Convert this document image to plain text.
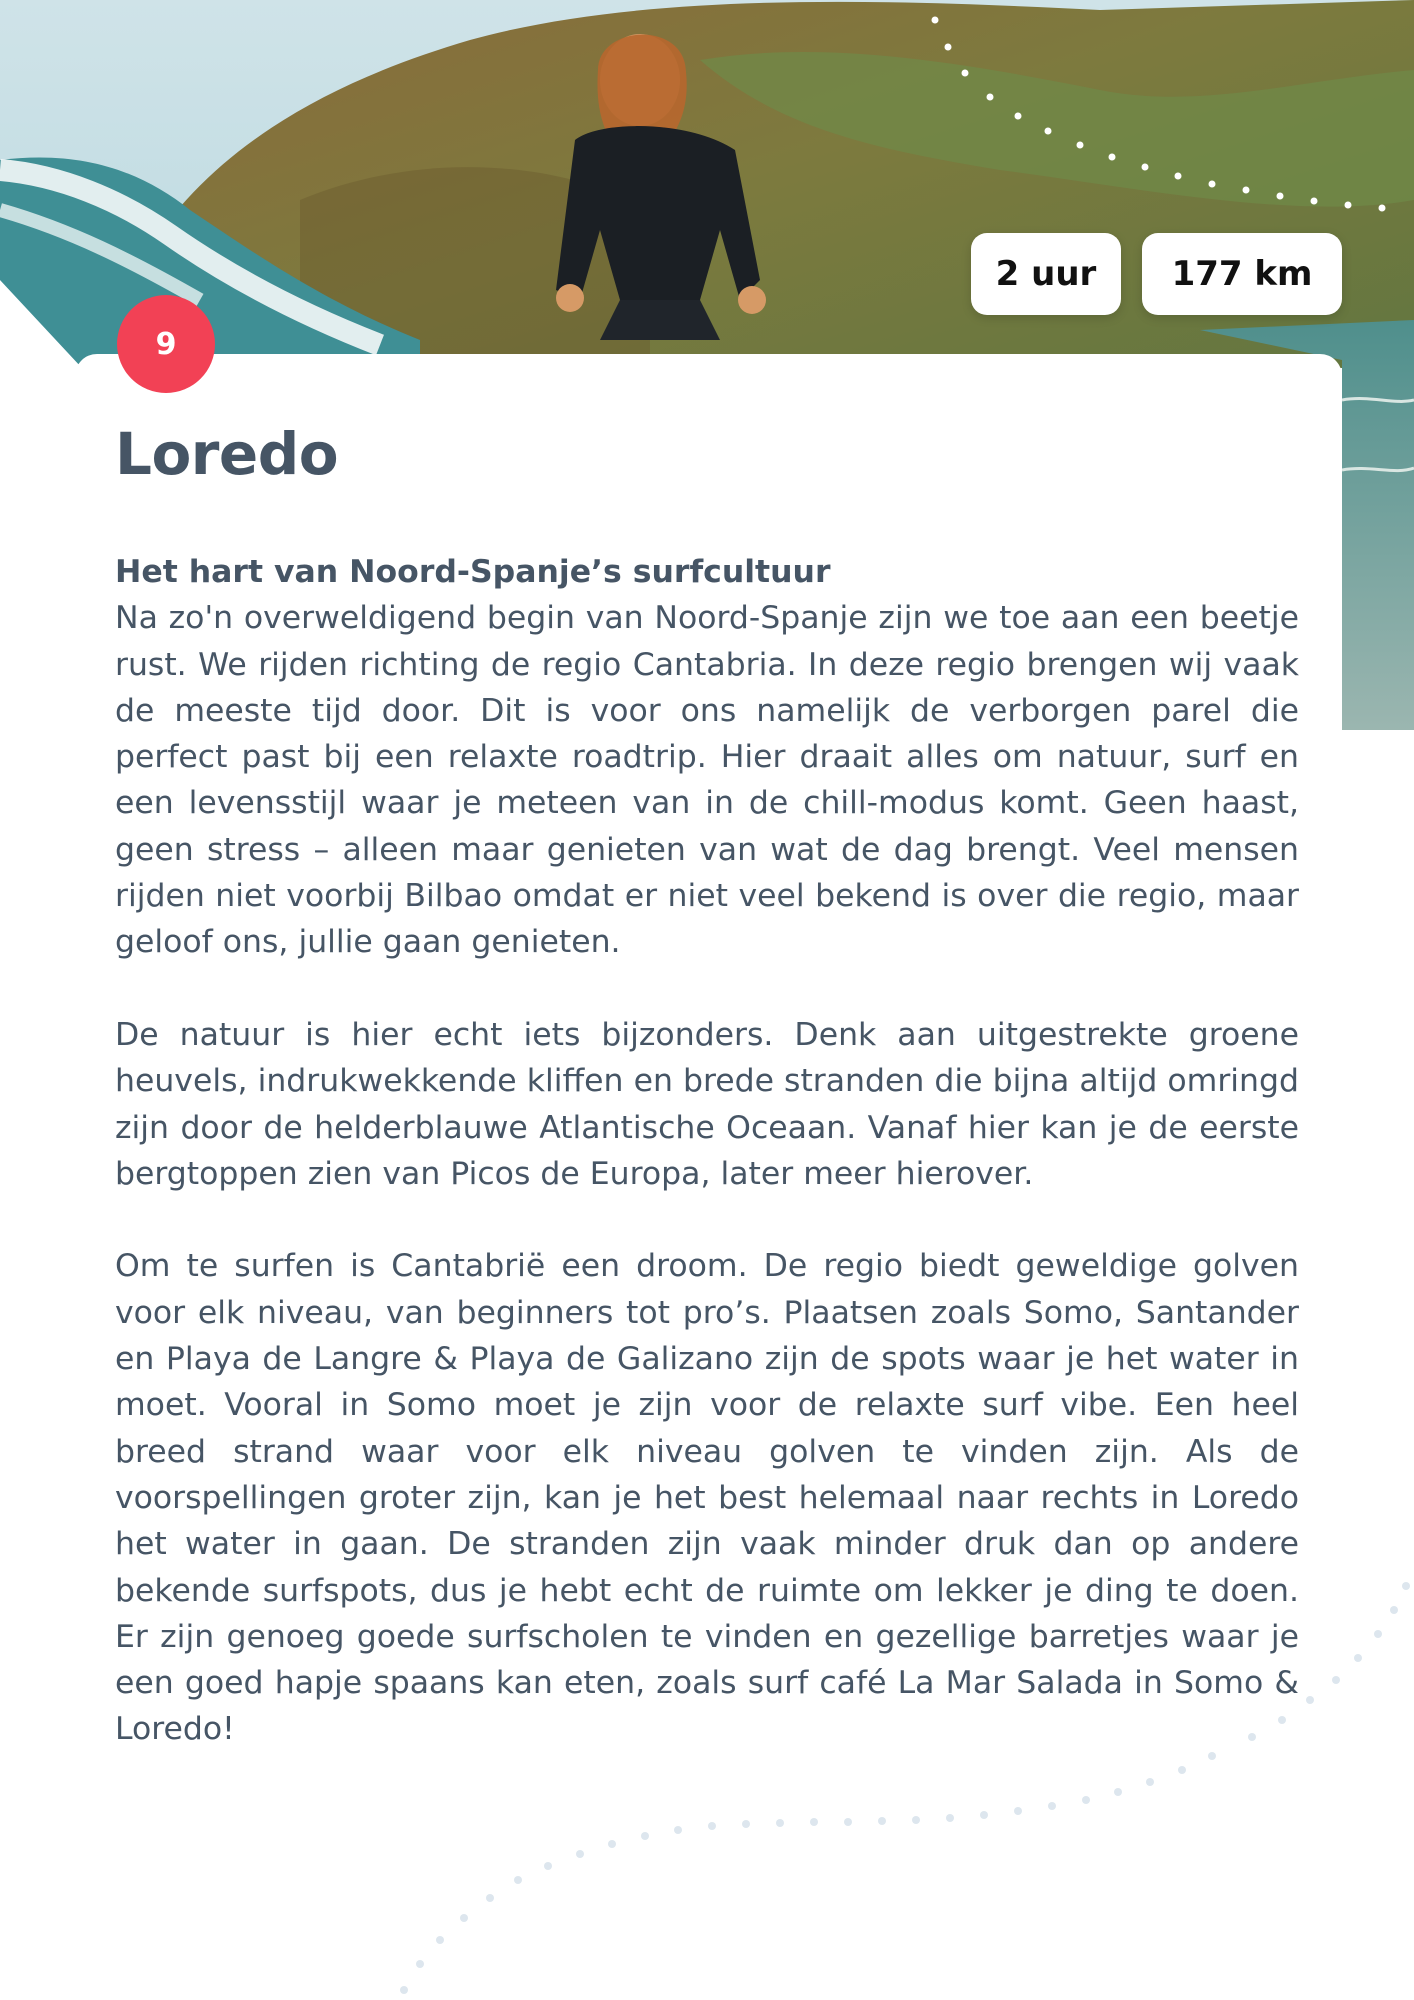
2 uur 177 km
9
Loredo
Het hart van Noord-Spanje’s surfcultuur

Na zo'n overweldigend begin van Noord-Spanje zijn we toe aan een beetje rust. We rijden richting de regio Cantabria. In deze regio brengen wij vaak de meeste tijd door. Dit is voor ons namelijk de verborgen parel die perfect past bij een relaxte roadtrip. Hier draait alles om natuur, surf en een levensstijl waar je meteen van in de chill-modus komt. Geen haast, geen stress – alleen maar genieten van wat de dag brengt. Veel mensen rijden niet voorbij Bilbao omdat er niet veel bekend is over die regio, maar geloof ons, jullie gaan genieten.

De natuur is hier echt iets bijzonders. Denk aan uitgestrekte groene heuvels, indrukwekkende kliffen en brede stranden die bijna altijd omringd zijn door de helderblauwe Atlantische Oceaan. Vanaf hier kan je de eerste bergtoppen zien van Picos de Europa, later meer hierover.

Om te surfen is Cantabrië een droom. De regio biedt geweldige golven voor elk niveau, van beginners tot pro’s. Plaatsen zoals Somo, Santander en Playa de Langre & Playa de Galizano zijn de spots waar je het water in moet. Vooral in Somo moet je zijn voor de relaxte surf vibe. Een heel breed strand waar voor elk niveau golven te vinden zijn. Als de voorspellingen groter zijn, kan je het best helemaal naar rechts in Loredo het water in gaan. De stranden zijn vaak minder druk dan op andere bekende surfspots, dus je hebt echt de ruimte om lekker je ding te doen. Er zijn genoeg goede surfscholen te vinden en gezellige barretjes waar je een goed hapje spaans kan eten, zoals surf café La Mar Salada in Somo & Loredo!
